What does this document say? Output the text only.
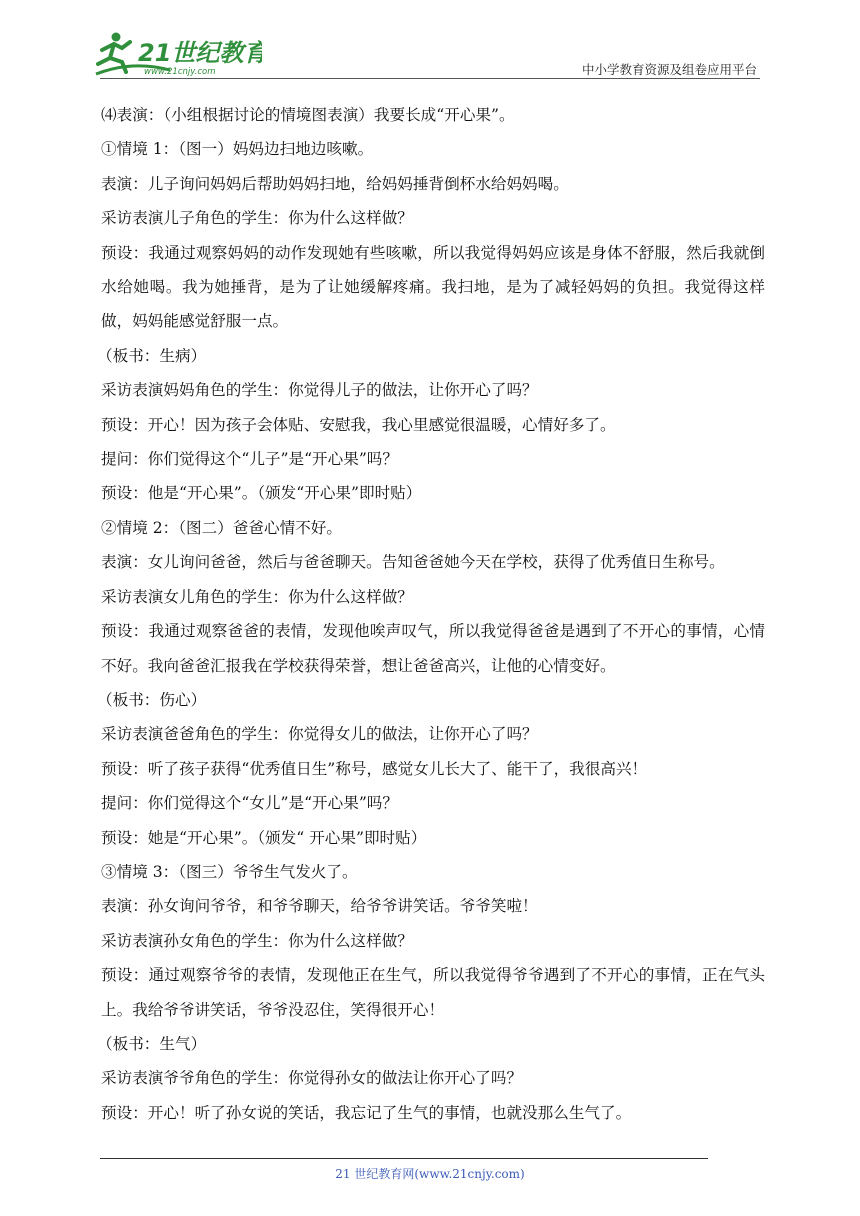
21世纪教育
www.21cnjy.com	中小学教育资源及组卷应用平台

⑷表演：（小组根据讨论的情境图表演）我要长成“开心果”。

①情境 1：（图一）妈妈边扫地边咳嗽。

表演：儿子询问妈妈后帮助妈妈扫地，给妈妈捶背倒杯水给妈妈喝。

采访表演儿子角色的学生：你为什么这样做？

预设：我通过观察妈妈的动作发现她有些咳嗽，所以我觉得妈妈应该是身体不舒服，然后我就倒水给她喝。我为她捶背，是为了让她缓解疼痛。我扫地，是为了减轻妈妈的负担。我觉得这样做，妈妈能感觉舒服一点。

（板书：生病）

采访表演妈妈角色的学生：你觉得儿子的做法，让你开心了吗？

预设：开心！因为孩子会体贴、安慰我，我心里感觉很温暖，心情好多了。

提问：你们觉得这个“儿子”是“开心果”吗？

预设：他是“开心果”。（颁发“开心果”即时贴）

②情境 2：（图二）爸爸心情不好。

表演：女儿询问爸爸，然后与爸爸聊天。告知爸爸她今天在学校，获得了优秀值日生称号。

采访表演女儿角色的学生：你为什么这样做？

预设：我通过观察爸爸的表情，发现他唉声叹气，所以我觉得爸爸是遇到了不开心的事情，心情不好。我向爸爸汇报我在学校获得荣誉，想让爸爸高兴，让他的心情变好。

（板书：伤心）

采访表演爸爸角色的学生：你觉得女儿的做法，让你开心了吗？

预设：听了孩子获得“优秀值日生”称号，感觉女儿长大了、能干了，我很高兴！

提问：你们觉得这个“女儿”是“开心果”吗？

预设：她是“开心果”。（颁发“ 开心果”即时贴）

③情境 3：（图三）爷爷生气发火了。

表演：孙女询问爷爷，和爷爷聊天，给爷爷讲笑话。爷爷笑啦！

采访表演孙女角色的学生：你为什么这样做？

预设：通过观察爷爷的表情，发现他正在生气，所以我觉得爷爷遇到了不开心的事情，正在气头上。我给爷爷讲笑话，爷爷没忍住，笑得很开心！

（板书：生气）

采访表演爷爷角色的学生：你觉得孙女的做法让你开心了吗？

预设：开心！听了孙女说的笑话，我忘记了生气的事情，也就没那么生气了。

21 世纪教育网(www.21cnjy.com)
